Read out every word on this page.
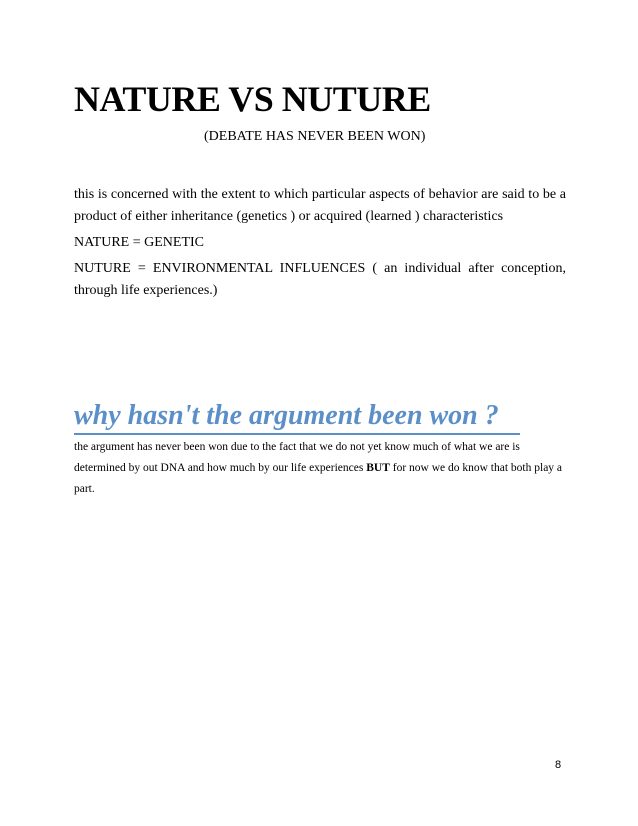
NATURE VS NUTURE

(DEBATE HAS NEVER BEEN WON)

this is concerned with the extent to which particular aspects of behavior are said to be a product of either inheritance (genetics ) or acquired (learned ) characteristics

NATURE = GENETIC

NUTURE = ENVIRONMENTAL INFLUENCES ( an individual after conception, through life experiences.)

why hasn't the argument been won ?

the argument has never been won due to the fact that we do not yet know much of what we are is determined by out DNA and how much by our life experiences BUT for now we do know that both play a part.

8
